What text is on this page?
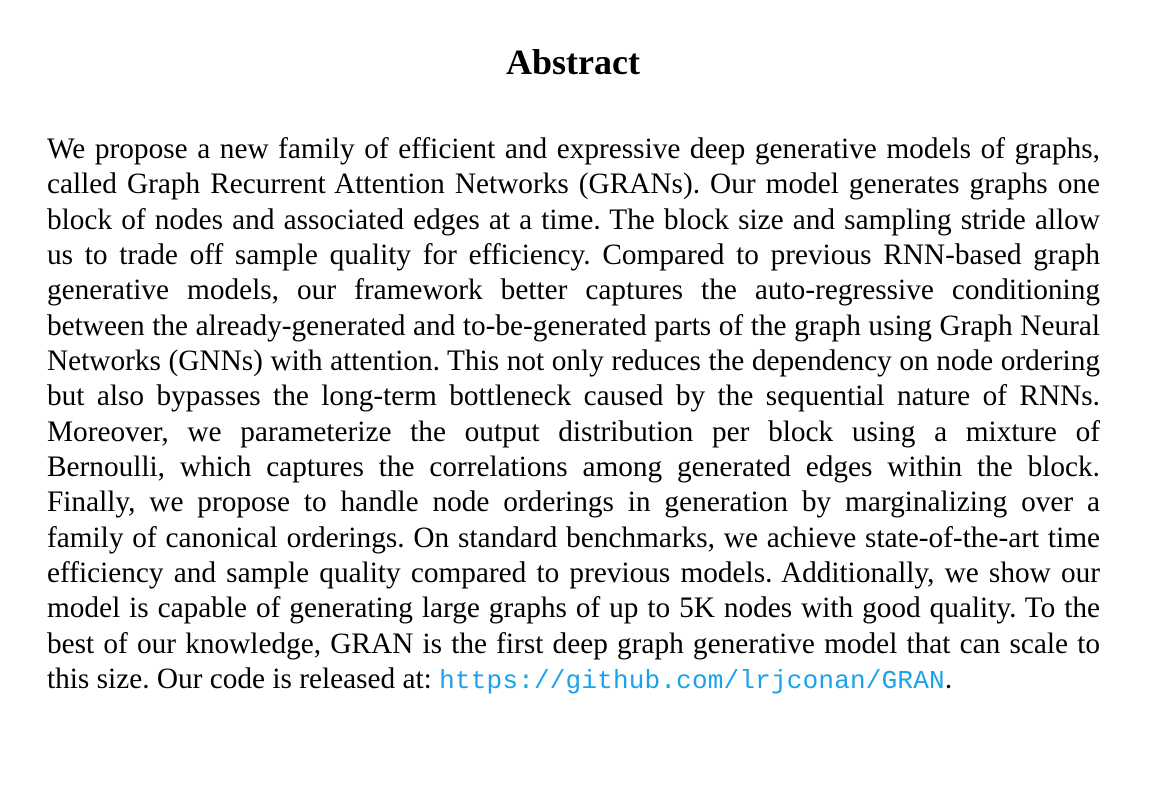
Abstract

We propose a new family of efficient and expressive deep generative models of graphs, called Graph Recurrent Attention Networks (GRANs). Our model generates graphs one block of nodes and associated edges at a time. The block size and sampling stride allow us to trade off sample quality for efficiency. Compared to previous RNN-based graph generative models, our framework better captures the auto-regressive conditioning between the already-generated and to-be-generated parts of the graph using Graph Neural Networks (GNNs) with attention. This not only reduces the dependency on node ordering but also bypasses the long-term bottleneck caused by the sequential nature of RNNs. Moreover, we parameterize the output distribution per block using a mixture of Bernoulli, which captures the correlations among generated edges within the block. Finally, we propose to handle node orderings in generation by marginalizing over a family of canonical orderings. On standard benchmarks, we achieve state-of-the-art time efficiency and sample quality compared to previous models. Additionally, we show our model is capable of generating large graphs of up to 5K nodes with good quality. To the best of our knowledge, GRAN is the first deep graph generative model that can scale to this size. Our code is released at: https://github.com/lrjconan/GRAN.
